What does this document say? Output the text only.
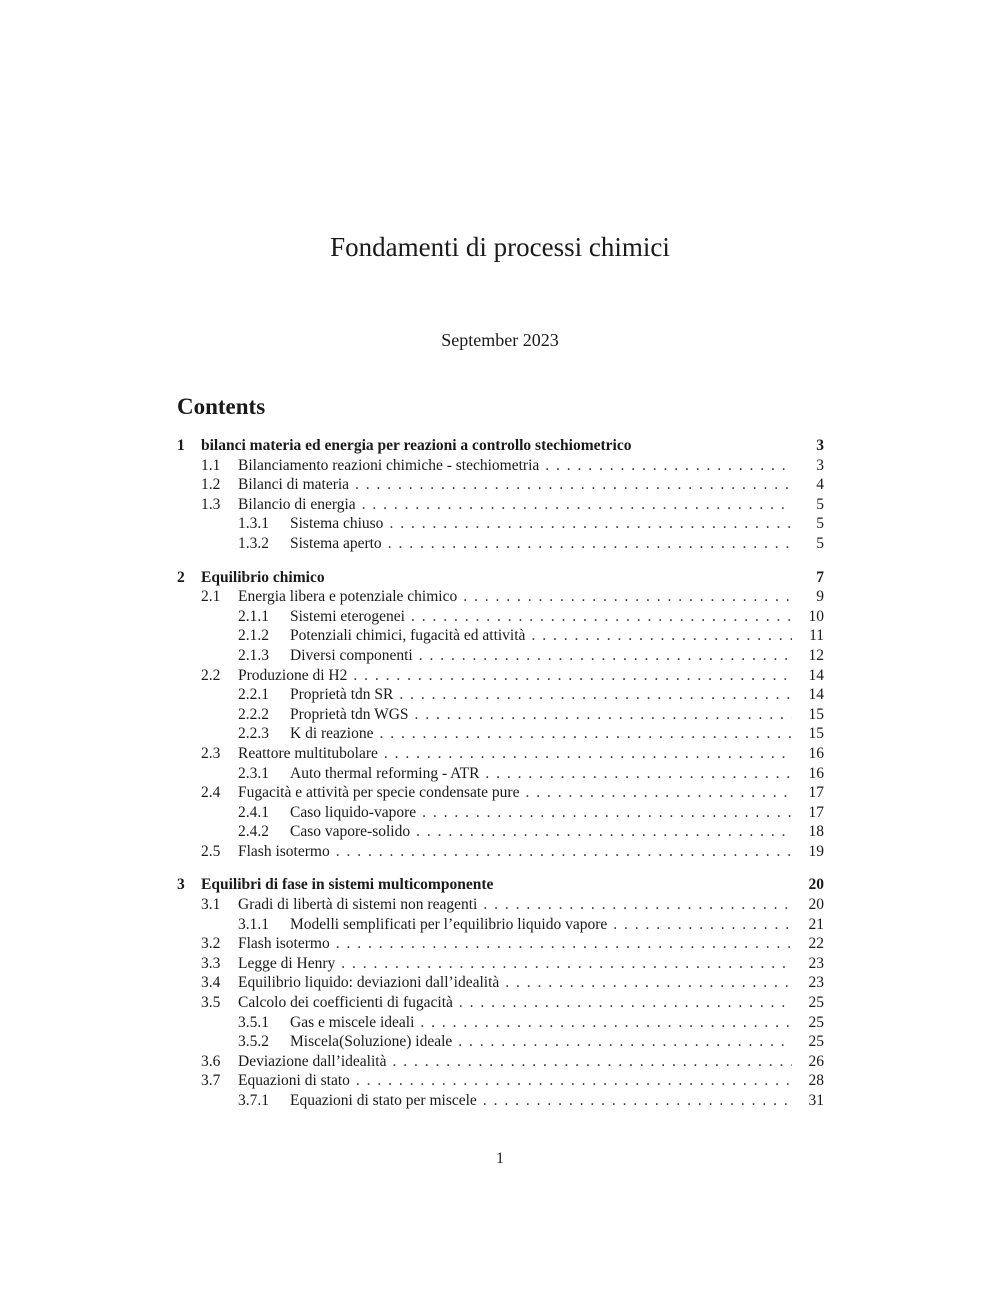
Fondamenti di processi chimici
September 2023
Contents
1	bilanci materia ed energia per reazioni a controllo stechiometrico	3
1.1	Bilanciamento reazioni chimiche - stechiometria . . .	3
1.2	Bilanci di materia . . .	4
1.3	Bilancio di energia . . .	5
1.3.1	Sistema chiuso . . .	5
1.3.2	Sistema aperto . . .	5
2	Equilibrio chimico	7
2.1	Energia libera e potenziale chimico . . .	9
2.1.1	Sistemi eterogenei . . .	10
2.1.2	Potenziali chimici, fugacità ed attività . . .	11
2.1.3	Diversi componenti . . .	12
2.2	Produzione di H2 . . .	14
2.2.1	Proprietà tdn SR . . .	14
2.2.2	Proprietà tdn WGS . . .	15
2.2.3	K di reazione . . .	15
2.3	Reattore multitubolare . . .	16
2.3.1	Auto thermal reforming - ATR . . .	16
2.4	Fugacità e attività per specie condensate pure . . .	17
2.4.1	Caso liquido-vapore . . .	17
2.4.2	Caso vapore-solido . . .	18
2.5	Flash isotermo . . .	19
3	Equilibri di fase in sistemi multicomponente	20
3.1	Gradi di libertà di sistemi non reagenti . . .	20
3.1.1	Modelli semplificati per l’equilibrio liquido vapore . . .	21
3.2	Flash isotermo . . .	22
3.3	Legge di Henry . . .	23
3.4	Equilibrio liquido: deviazioni dall’idealità . . .	23
3.5	Calcolo dei coefficienti di fugacità . . .	25
3.5.1	Gas e miscele ideali . . .	25
3.5.2	Miscela(Soluzione) ideale . . .	25
3.6	Deviazione dall’idealità . . .	26
3.7	Equazioni di stato . . .	28
3.7.1	Equazioni di stato per miscele . . .	31
1
